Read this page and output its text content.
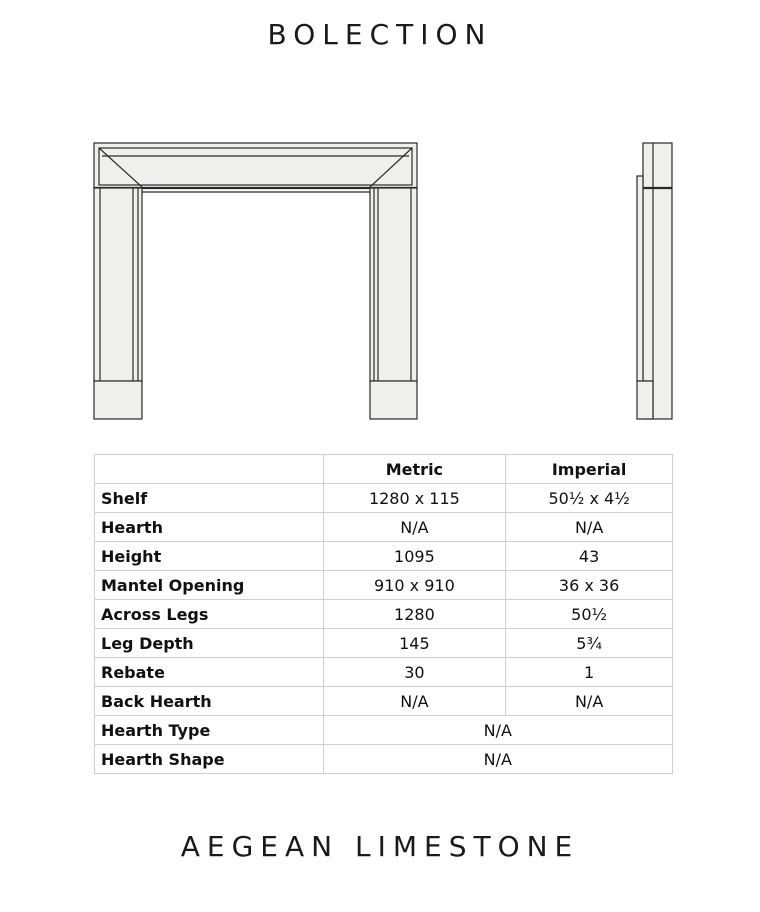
BOLECTION
	Metric	Imperial
Shelf	1280 x 115	50½ x 4½
Hearth	N/A	N/A
Height	1095	43
Mantel Opening	910 x 910	36 x 36
Across Legs	1280	50½
Leg Depth	145	5¾
Rebate	30	1
Back Hearth	N/A	N/A
Hearth Type	N/A	
Hearth Shape	N/A	
AEGEAN LIMESTONE
